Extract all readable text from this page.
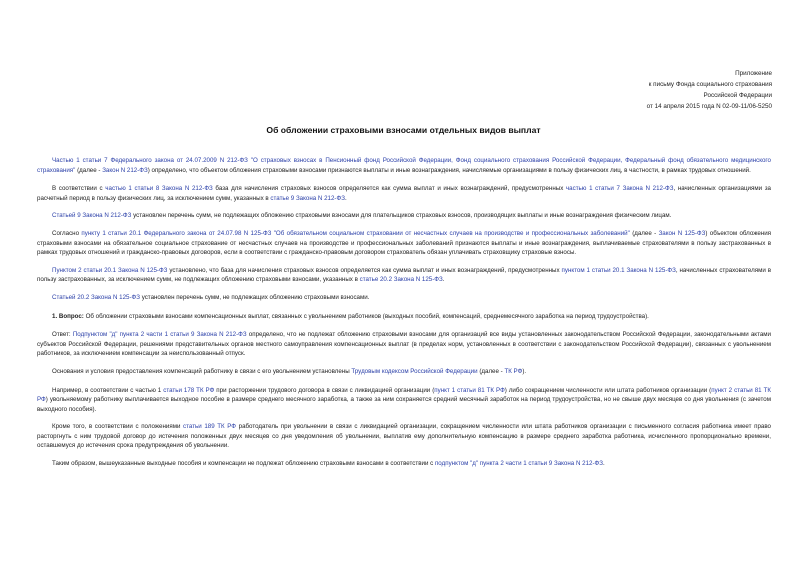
Приложение
к письму Фонда социального страхования
Российской Федерации
от 14 апреля 2015 года N 02-09-11/06-5250
Об обложении страховыми взносами отдельных видов выплат

Частью 1 статьи 7 Федерального закона от 24.07.2009 N 212-ФЗ "О страховых взносах в Пенсионный фонд Российской Федерации, Фонд социального страхования Российской Федерации, Федеральный фонд обязательного медицинского страхования" (далее - Закон N 212-ФЗ) определено, что объектом обложения страховыми взносами признаются выплаты и иные вознаграждения, начисляемые организациями в пользу физических лиц, в частности, в рамках трудовых отношений.

В соответствии с частью 1 статьи 8 Закона N 212-ФЗ база для начисления страховых взносов определяется как сумма выплат и иных вознаграждений, предусмотренных частью 1 статьи 7 Закона N 212-ФЗ, начисленных организациями за расчетный период в пользу физических лиц, за исключением сумм, указанных в статье 9 Закона N 212-ФЗ.

Статьей 9 Закона N 212-ФЗ установлен перечень сумм, не подлежащих обложению страховыми взносами для плательщиков страховых взносов, производящих выплаты и иные вознаграждения физическим лицам.

Согласно пункту 1 статьи 20.1 Федерального закона от 24.07.98 N 125-ФЗ "Об обязательном социальном страховании от несчастных случаев на производстве и профессиональных заболеваний" (далее - Закон N 125-ФЗ) объектом обложения страховыми взносами на обязательное социальное страхование от несчастных случаев на производстве и профессиональных заболеваний признаются выплаты и иные вознаграждения, выплачиваемые страхователями в пользу застрахованных в рамках трудовых отношений и гражданско-правовых договоров, если в соответствии с гражданско-правовым договором страхователь обязан уплачивать страховщику страховые взносы.

Пунктом 2 статьи 20.1 Закона N 125-ФЗ установлено, что база для начисления страховых взносов определяется как сумма выплат и иных вознаграждений, предусмотренных пунктом 1 статьи 20.1 Закона N 125-ФЗ, начисленных страхователями в пользу застрахованных, за исключением сумм, не подлежащих обложению страховыми взносами, указанных в статье 20.2 Закона N 125-ФЗ.

Статьей 20.2 Закона N 125-ФЗ установлен перечень сумм, не подлежащих обложению страховыми взносами.

1. Вопрос: Об обложении страховыми взносами компенсационных выплат, связанных с увольнением работников (выходных пособий, компенсаций, среднемесячного заработка на период трудоустройства).

Ответ: Подпунктом "д" пункта 2 части 1 статьи 9 Закона N 212-ФЗ определено, что не подлежат обложению страховыми взносами для организаций все виды установленных законодательством Российской Федерации, законодательными актами субъектов Российской Федерации, решениями представительных органов местного самоуправления компенсационных выплат (в пределах норм, установленных в соответствии с законодательством Российской Федерации), связанных с увольнением работников, за исключением компенсации за неиспользованный отпуск.

Основания и условия предоставления компенсаций работнику в связи с его увольнением установлены Трудовым кодексом Российской Федерации (далее - ТК РФ).

Например, в соответствии с частью 1 статьи 178 ТК РФ при расторжении трудового договора в связи с ликвидацией организации (пункт 1 статьи 81 ТК РФ) либо сокращением численности или штата работников организации (пункт 2 статьи 81 ТК РФ) увольняемому работнику выплачивается выходное пособие в размере среднего месячного заработка, а также за ним сохраняется средний месячный заработок на период трудоустройства, но не свыше двух месяцев со дня увольнения (с зачетом выходного пособия).

Кроме того, в соответствии с положениями статьи 189 ТК РФ работодатель при увольнении в связи с ликвидацией организации, сокращением численности или штата работников организации с письменного согласия работника имеет право расторгнуть с ним трудовой договор до истечения положенных двух месяцев со дня уведомления об увольнении, выплатив ему дополнительную компенсацию в размере среднего заработка работника, исчисленного пропорционально времени, оставшемуся до истечения срока предупреждения об увольнении.

Таким образом, вышеуказанные выходные пособия и компенсации не подлежат обложению страховыми взносами в соответствии с подпунктом "д" пункта 2 части 1 статьи 9 Закона N 212-ФЗ.
